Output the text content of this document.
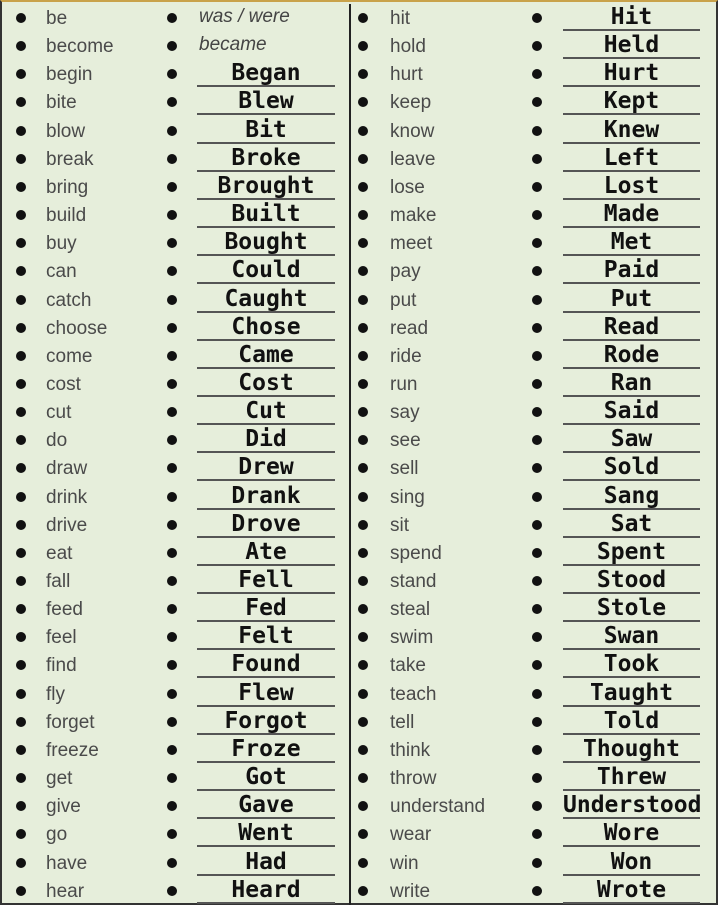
be	was / were
become	became
begin	Began
bite	Blew
blow	Bit
break	Broke
bring	Brought
build	Built
buy	Bought
can	Could
catch	Caught
choose	Chose
come	Came
cost	Cost
cut	Cut
do	Did
draw	Drew
drink	Drank
drive	Drove
eat	Ate
fall	Fell
feed	Fed
feel	Felt
find	Found
fly	Flew
forget	Forgot
freeze	Froze
get	Got
give	Gave
go	Went
have	Had
hear	Heard
hit	Hit
hold	Held
hurt	Hurt
keep	Kept
know	Knew
leave	Left
lose	Lost
make	Made
meet	Met
pay	Paid
put	Put
read	Read
ride	Rode
run	Ran
say	Said
see	Saw
sell	Sold
sing	Sang
sit	Sat
spend	Spent
stand	Stood
steal	Stole
swim	Swan
take	Took
teach	Taught
tell	Told
think	Thought
throw	Threw
understand	Understood
wear	Wore
win	Won
write	Wrote
